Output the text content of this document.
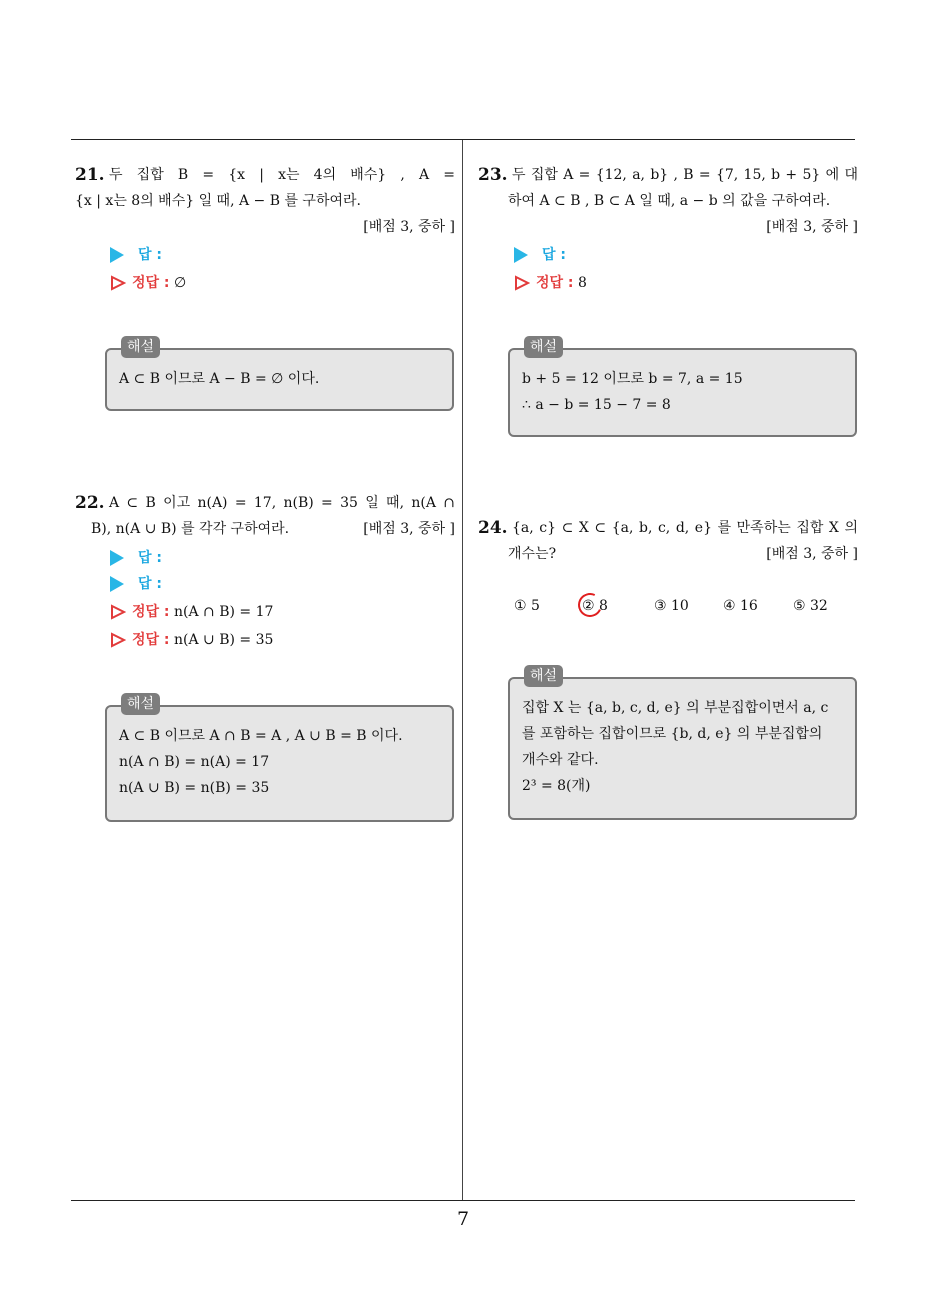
7
21. 두 집합 B = {x | x는 4의 배수} , A =
{x | x는 8의 배수} 일 때, A − B 를 구하여라.
[배점 3, 중하 ]
답 :
정답 : ∅
해설
A ⊂ B 이므로 A − B = ∅ 이다.
22. A ⊂ B 이고 n(A) = 17, n(B) = 35 일 때, n(A ∩
B), n(A ∪ B) 를 각각 구하여라.	[배점 3, 중하 ]
답 :
답 :
정답 : n(A ∩ B) = 17
정답 : n(A ∪ B) = 35
해설
A ⊂ B 이므로 A ∩ B = A , A ∪ B = B 이다.
n(A ∩ B) = n(A) = 17
n(A ∪ B) = n(B) = 35
23. 두 집합 A = {12, a, b} , B = {7, 15, b + 5} 에 대
하여 A ⊂ B , B ⊂ A 일 때, a − b 의 값을 구하여라.
[배점 3, 중하 ]
답 :
정답 : 8
해설
b + 5 = 12 이므로 b = 7, a = 15
∴ a − b = 15 − 7 = 8
24. {a, c} ⊂ X ⊂ {a, b, c, d, e} 를 만족하는 집합 X 의
개수는?	[배점 3, 중하 ]
① 5	② 8	③ 10 ④ 16	⑤ 32
해설
집합 X 는 {a, b, c, d, e} 의 부분집합이면서 a, c
를 포함하는 집합이므로 {b, d, e} 의 부분집합의
개수와 같다.
2³ = 8(개)
